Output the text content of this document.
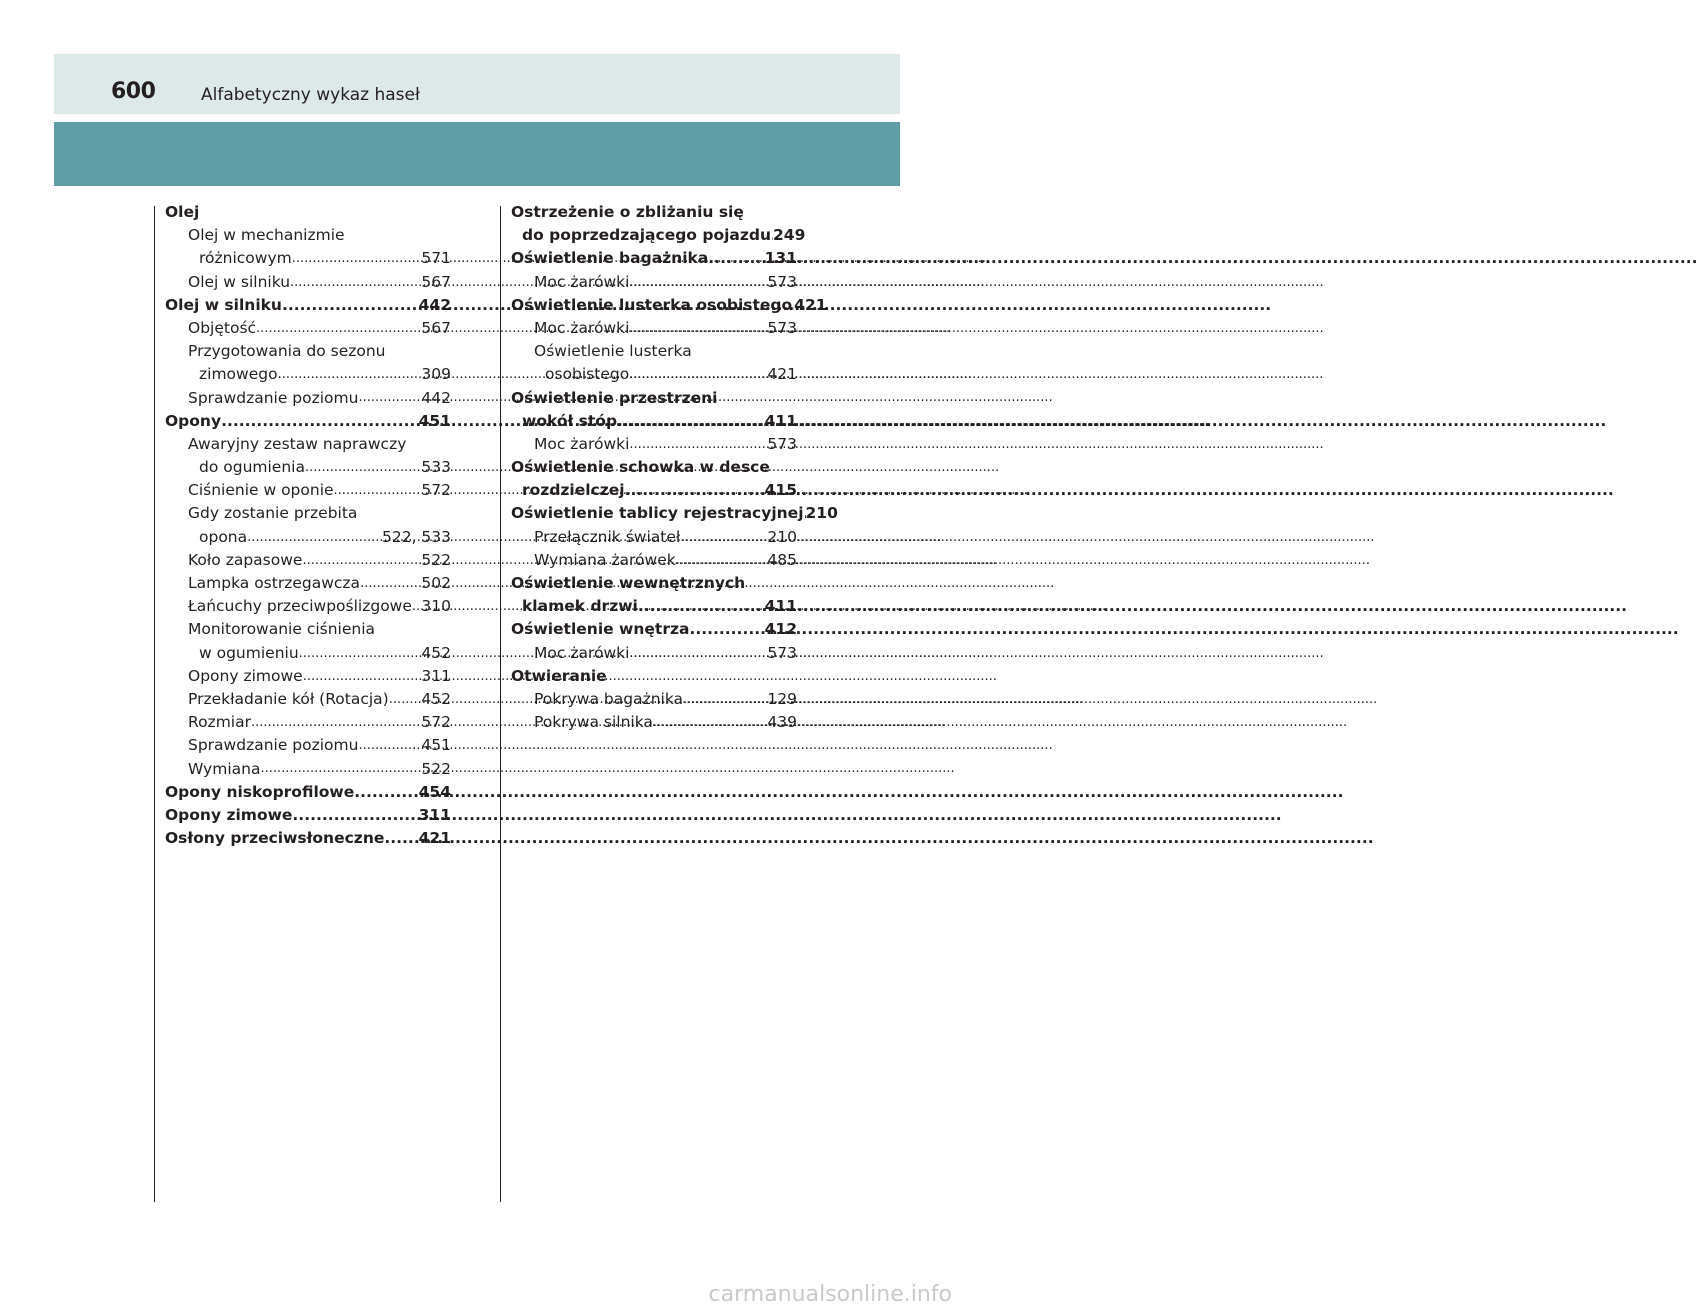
600	Alfabetyczny wykaz haseł
Olej
Olej w mechanizmie
różnicowym .....	571
Olej w silniku .....	567
Olej w silniku .....	442
Objętość .....	567
Przygotowania do sezonu
zimowego .....	309
Sprawdzanie poziomu .....	442
Opony .....	451
Awaryjny zestaw naprawczy
do ogumienia .....	533
Ciśnienie w oponie .....	572
Gdy zostanie przebita
opona .....	522, 533
Koło zapasowe .....	522
Lampka ostrzegawcza .....	502
Łańcuchy przeciwpoślizgowe ..... 310
Monitorowanie ciśnienia
w ogumieniu .....	452
Opony zimowe .....	311
Przekładanie kół (Rotacja) ..... 452
Rozmiar .....	572
Sprawdzanie poziomu .....	451
Wymiana .....	522
Opony niskoprofilowe .....	454
Opony zimowe .....	311
Osłony przeciwsłoneczne ..... 421
Ostrzeżenie o zbliżaniu się
do poprzedzającego pojazdu ..... 249
Oświetlenie bagażnika .....	131
Moc żarówki .....	573
Oświetlenie lusterka osobistego ..... 421
Moc żarówki .....	573
Oświetlenie lusterka
osobistego .....	421
Oświetlenie przestrzeni
wokół stóp .....	411
Moc żarówki .....	573
Oświetlenie schowka w desce
rozdzielczej .....	415
Oświetlenie tablicy rejestracyjnej ..... 210
Przełącznik świateł .....	210
Wymiana żarówek .....	485
Oświetlenie wewnętrznych
klamek drzwi .....	411
Oświetlenie wnętrza .....	412
Moc żarówki .....	573
Otwieranie
Pokrywa bagażnika .....	129
Pokrywa silnika .....	439
carmanualsonline.info
